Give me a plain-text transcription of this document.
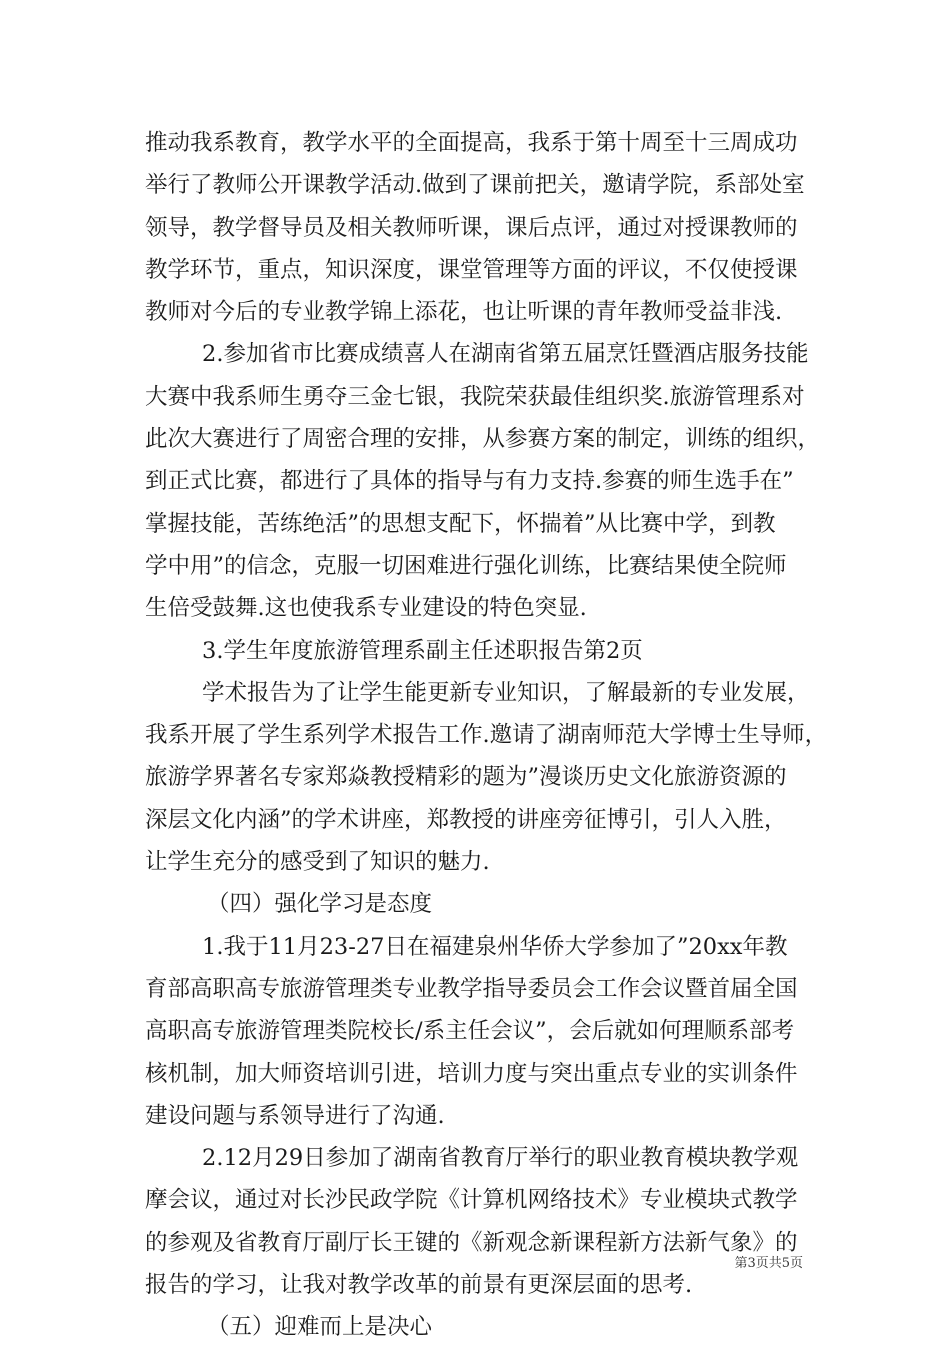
推动我系教育，教学水平的全面提高，我系于第十周至十三周成功
举行了教师公开课教学活动.做到了课前把关，邀请学院，系部处室
领导，教学督导员及相关教师听课，课后点评，通过对授课教师的
教学环节，重点，知识深度，课堂管理等方面的评议，不仅使授课
教师对今后的专业教学锦上添花，也让听课的青年教师受益非浅.
2.参加省市比赛成绩喜人在湖南省第五届烹饪暨酒店服务技能
大赛中我系师生勇夺三金七银，我院荣获最佳组织奖.旅游管理系对
此次大赛进行了周密合理的安排，从参赛方案的制定，训练的组织，
到正式比赛，都进行了具体的指导与有力支持.参赛的师生选手在”
掌握技能，苦练绝活”的思想支配下，怀揣着”从比赛中学，到教
学中用”的信念，克服一切困难进行强化训练，比赛结果使全院师
生倍受鼓舞.这也使我系专业建设的特色突显.
3.学生年度旅游管理系副主任述职报告第2页
学术报告为了让学生能更新专业知识，了解最新的专业发展，
我系开展了学生系列学术报告工作.邀请了湖南师范大学博士生导师，
旅游学界著名专家郑焱教授精彩的题为”漫谈历史文化旅游资源的
深层文化内涵”的学术讲座，郑教授的讲座旁征博引，引人入胜，
让学生充分的感受到了知识的魅力.
（四）强化学习是态度
1.我于11月23-27日在福建泉州华侨大学参加了”20xx年教
育部高职高专旅游管理类专业教学指导委员会工作会议暨首届全国
高职高专旅游管理类院校长/系主任会议”，会后就如何理顺系部考
核机制，加大师资培训引进，培训力度与突出重点专业的实训条件
建设问题与系领导进行了沟通.
2.12月29日参加了湖南省教育厅举行的职业教育模块教学观
摩会议，通过对长沙民政学院《计算机网络技术》专业模块式教学
的参观及省教育厅副厅长王键的《新观念新课程新方法新气象》的
报告的学习，让我对教学改革的前景有更深层面的思考.
（五）迎难而上是决心
第3页共5页
